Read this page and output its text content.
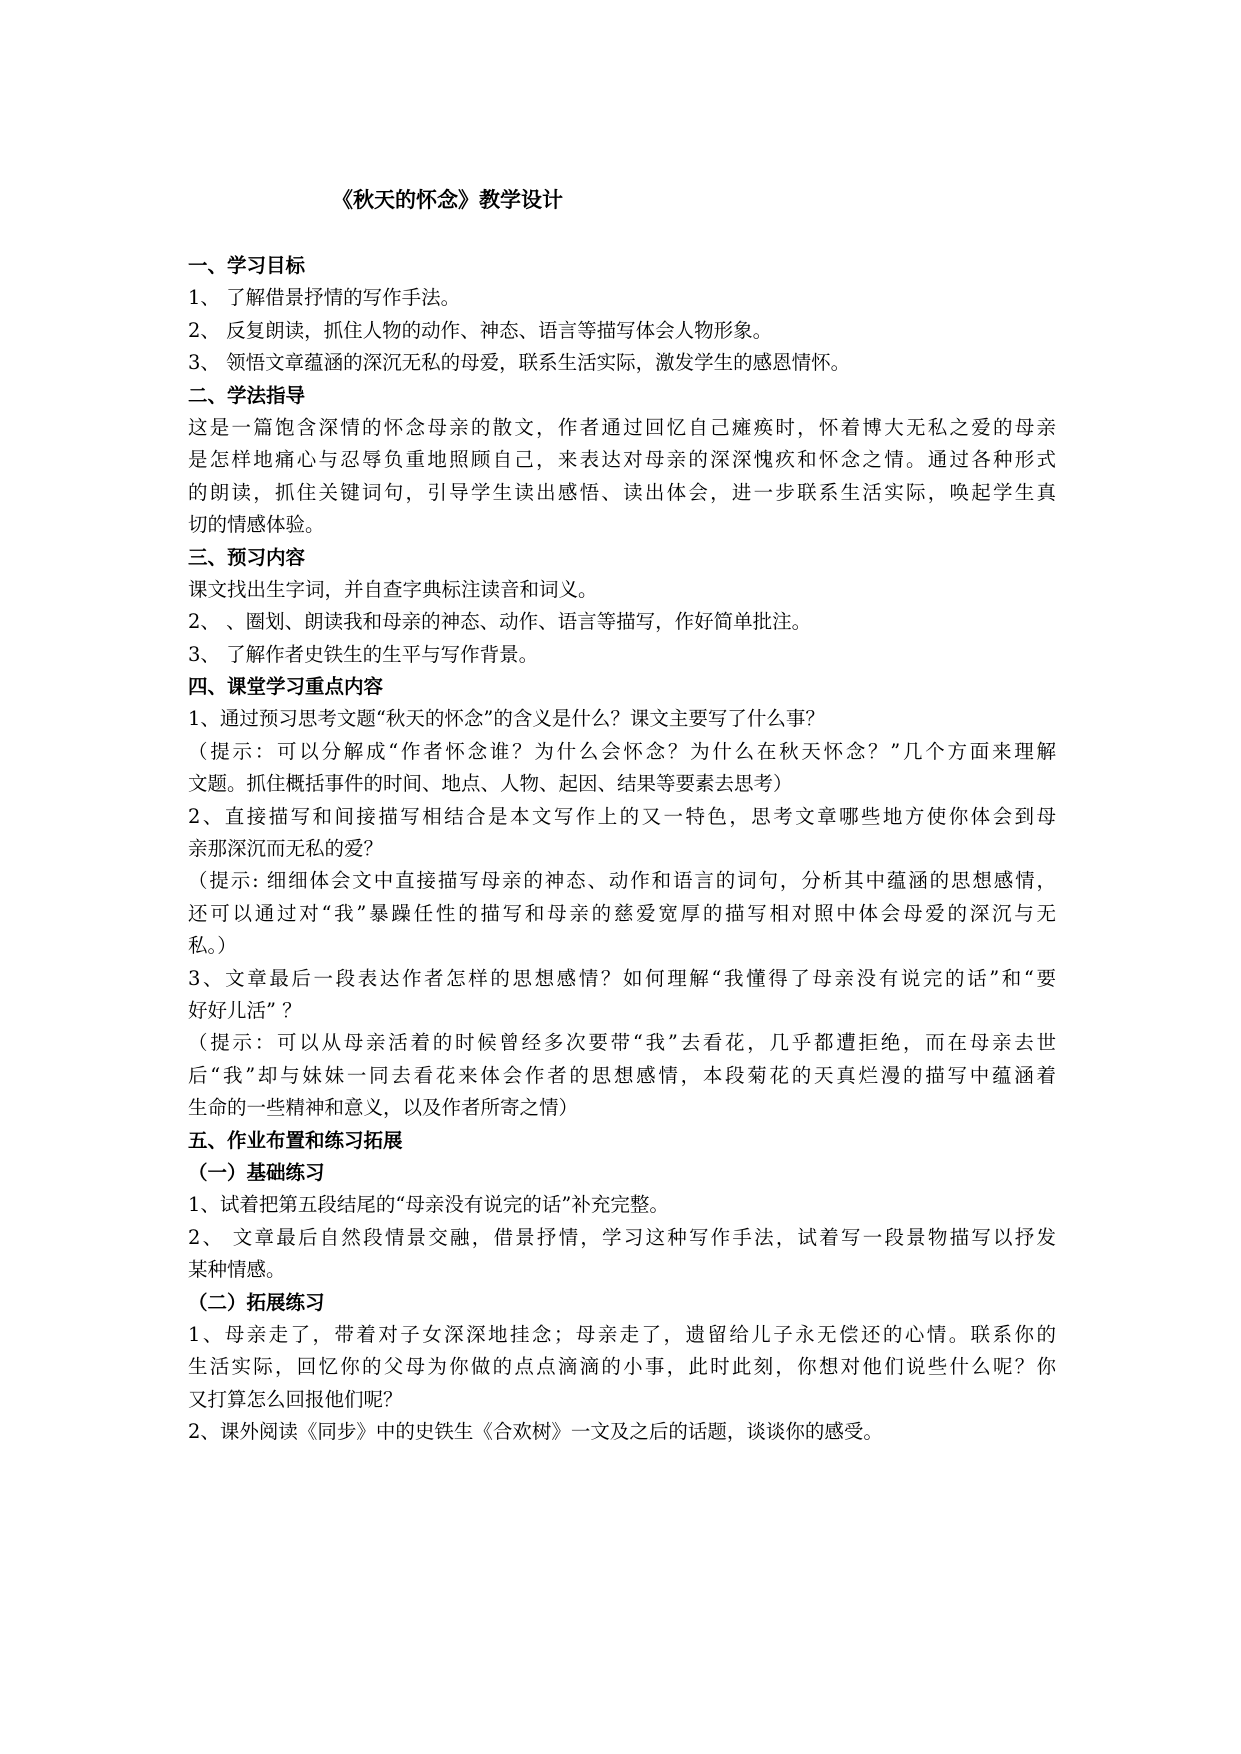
《秋天的怀念》教学设计
一、学习目标
1、 了解借景抒情的写作手法。
2、 反复朗读，抓住人物的动作、神态、语言等描写体会人物形象。
3、 领悟文章蕴涵的深沉无私的母爱，联系生活实际，激发学生的感恩情怀。
二、学法指导
这是一篇饱含深情的怀念母亲的散文，作者通过回忆自己瘫痪时，怀着博大无私之爱的母亲
是怎样地痛心与忍辱负重地照顾自己，来表达对母亲的深深愧疚和怀念之情。通过各种形式
的朗读，抓住关键词句，引导学生读出感悟、读出体会，进一步联系生活实际，唤起学生真
切的情感体验。
三、预习内容
课文找出生字词，并自查字典标注读音和词义。
2、 、圈划、朗读我和母亲的神态、动作、语言等描写，作好简单批注。
3、 了解作者史铁生的生平与写作背景。
四、课堂学习重点内容
1、通过预习思考文题“秋天的怀念”的含义是什么？课文主要写了什么事？
（提示：可以分解成“作者怀念谁？为什么会怀念？为什么在秋天怀念？”几个方面来理解
文题。抓住概括事件的时间、地点、人物、起因、结果等要素去思考）
2、直接描写和间接描写相结合是本文写作上的又一特色，思考文章哪些地方使你体会到母
亲那深沉而无私的爱？
（提示: 细细体会文中直接描写母亲的神态、动作和语言的词句，分析其中蕴涵的思想感情，
还可以通过对“我”暴躁任性的描写和母亲的慈爱宽厚的描写相对照中体会母爱的深沉与无
私。）
3、文章最后一段表达作者怎样的思想感情？如何理解“我懂得了母亲没有说完的话”和“要
好好儿活” ？
（提示：可以从母亲活着的时候曾经多次要带“我”去看花，几乎都遭拒绝，而在母亲去世
后“我”却与妹妹一同去看花来体会作者的思想感情，本段菊花的天真烂漫的描写中蕴涵着
生命的一些精神和意义，以及作者所寄之情）
五、作业布置和练习拓展
（一）基础练习
1、试着把第五段结尾的“母亲没有说完的话”补充完整。
2、 文章最后自然段情景交融，借景抒情，学习这种写作手法，试着写一段景物描写以抒发
某种情感。
（二）拓展练习
1、母亲走了，带着对子女深深地挂念；母亲走了，遗留给儿子永无偿还的心情。联系你的
生活实际，回忆你的父母为你做的点点滴滴的小事，此时此刻，你想对他们说些什么呢？你
又打算怎么回报他们呢？
2、课外阅读《同步》中的史铁生《合欢树》一文及之后的话题，谈谈你的感受。
